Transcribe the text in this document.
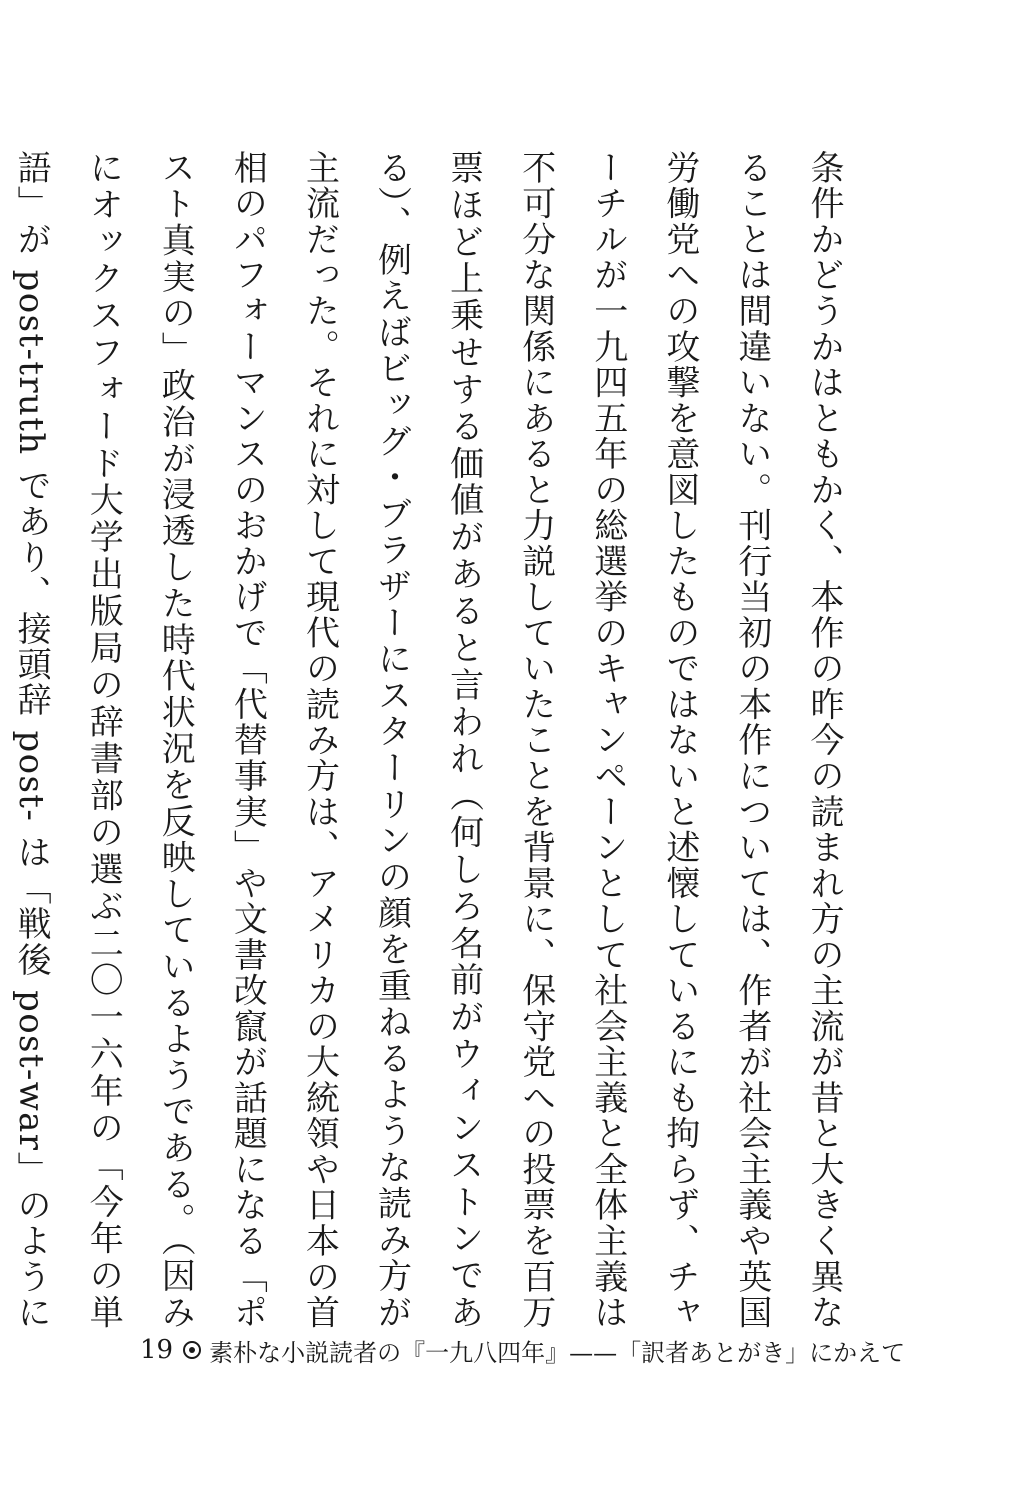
条件かどうかはともかく、本作の昨今の読まれ方の主流が昔と大きく異なることは間違いない。刊行当初の本作については、作者が社会主義や英国労働党への攻撃を意図したものではないと述懐しているにも拘らず、チャーチルが一九四五年の総選挙のキャンペーンとして社会主義と全体主義は不可分な関係にあると力説していたことを背景に、保守党への投票を百万票ほど上乗せする価値があると言われ（何しろ名前がウィンストンである）、例えばビッグ・ブラザーにスターリンの顔を重ねるような読み方が主流だった。それに対して現代の読み方は、アメリカの大統領や日本の首相のパフォーマンスのおかげで「代替事実」や文書改竄が話題になる「ポスト真実の」政治が浸透した時代状況を反映しているようである。（因みにオックスフォード大学出版局の辞書部の選ぶ二〇一六年の「今年の単語」が post-truth であり、接頭辞 post- は「戦後 post-war」のように

19 素朴な小説読者の『一九八四年』——「訳者あとがき」にかえて
